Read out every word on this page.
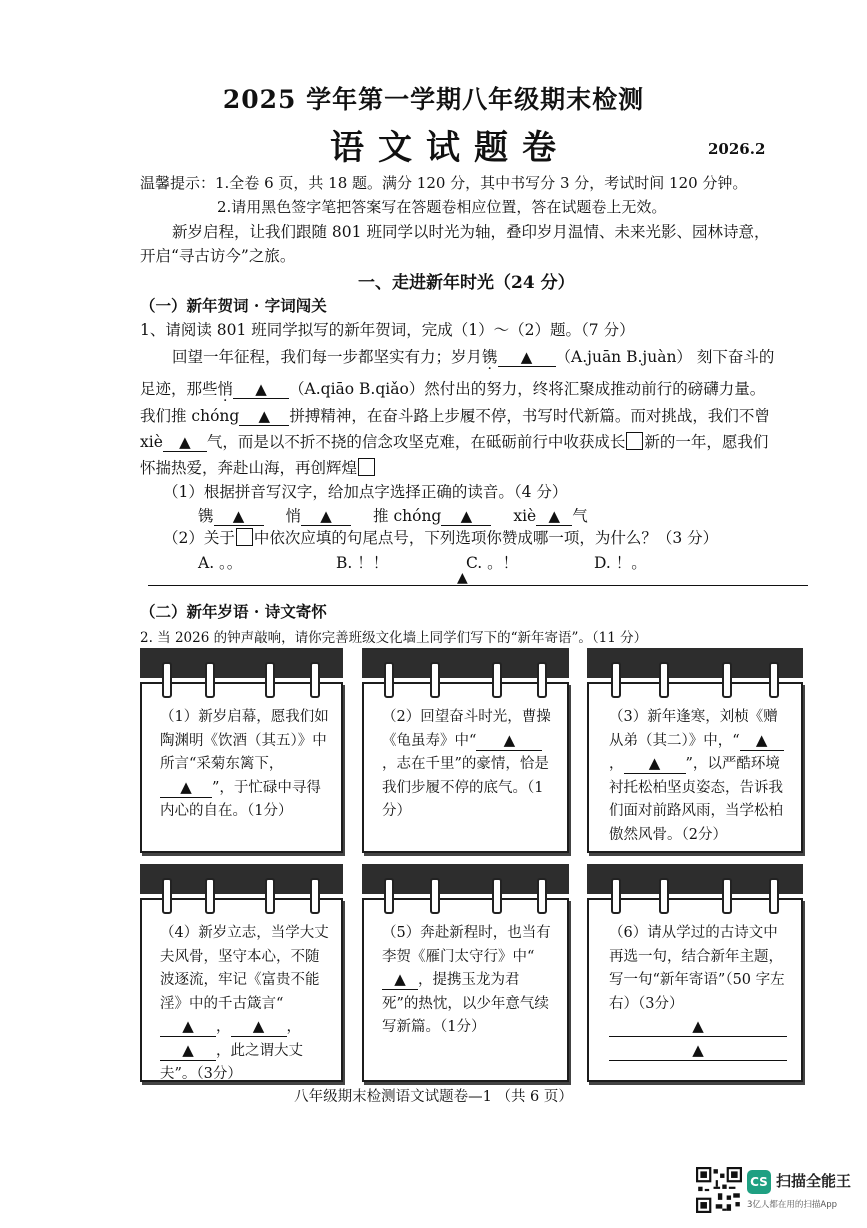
2025 学年第一学期八年级期末检测
语文试题卷	2026.2
温馨提示：1.全卷 6 页，共 18 题。满分 120 分，其中书写分 3 分，考试时间 120 分钟。
2.请用黑色签字笔把答案写在答题卷相应位置，答在试题卷上无效。
新岁启程，让我们跟随 801 班同学以时光为轴，叠印岁月温情、未来光影、园林诗意，
开启“寻古访今”之旅。
一、走进新年时光（24 分）
（一）新年贺词 · 字词闯关
1、请阅读 801 班同学拟写的新年贺词，完成（1）～（2）题。（7 分）
回望一年征程，我们每一步都坚实有力；岁月镌 ▲ （A.juān B.juàn） 刻下奋斗的
足迹，那些悄 ▲ （A.qiāo B.qiǎo）然付出的努力，终将汇聚成推动前行的磅礴力量。
我们推 chóng ▲ 拼搏精神，在奋斗路上步履不停，书写时代新篇。而对挑战，我们不曾
xiè ▲ 气，而是以不折不挠的信念攻坚克难，在砥砺前行中收获成长 新的一年，愿我们
怀揣热爱，奔赴山海，再创辉煌
（1）根据拼音写汉字，给加点字选择正确的读音。（4 分）
镌 ▲	悄 ▲	推 chóng ▲	xiè ▲ 气
（2）关于 中依次应填的句尾点号，下列选项你赞成哪一项，为什么？（3 分）
A. 。。	B. ！！	C. 。！	D. ！。
▲
（二）新年岁语 · 诗文寄怀
2. 当 2026 的钟声敲响，请你完善班级文化墙上同学们写下的“新年寄语”。（11 分）
（1）新岁启幕，愿我们如陶渊明《饮酒（其五）》中所言“采菊东篱下，▲ ”，于忙碌中寻得内心的自在。（1分）
（2）回望奋斗时光，曹操《龟虽寿》中“ ▲，志在千里”的豪情，恰是我们步履不停的底气。（1分）
（3）新年逢寒，刘桢《赠从弟（其二）》中，“ ▲， ▲ ”，以严酷环境衬托松柏坚贞姿态，告诉我们面对前路风雨，当学松柏傲然风骨。（2分）
（4）新岁立志，当学大丈夫风骨，坚守本心，不随波逐流，牢记《富贵不能淫》中的千古箴言“▲ ， ▲ ，▲ ，此之谓大丈夫”。（3分）
（5）奔赴新程时，也当有李贺《雁门太守行》中“▲ ，提携玉龙为君死”的热忱，以少年意气续写新篇。（1分）
（6）请从学过的古诗文中再选一句，结合新年主题，写一句“新年寄语”（50 字左右）（3分） ▲ ▲
八年级期末检测语文试题卷—1 （共 6 页）
CS 扫描全能王
3亿人都在用的扫描App
